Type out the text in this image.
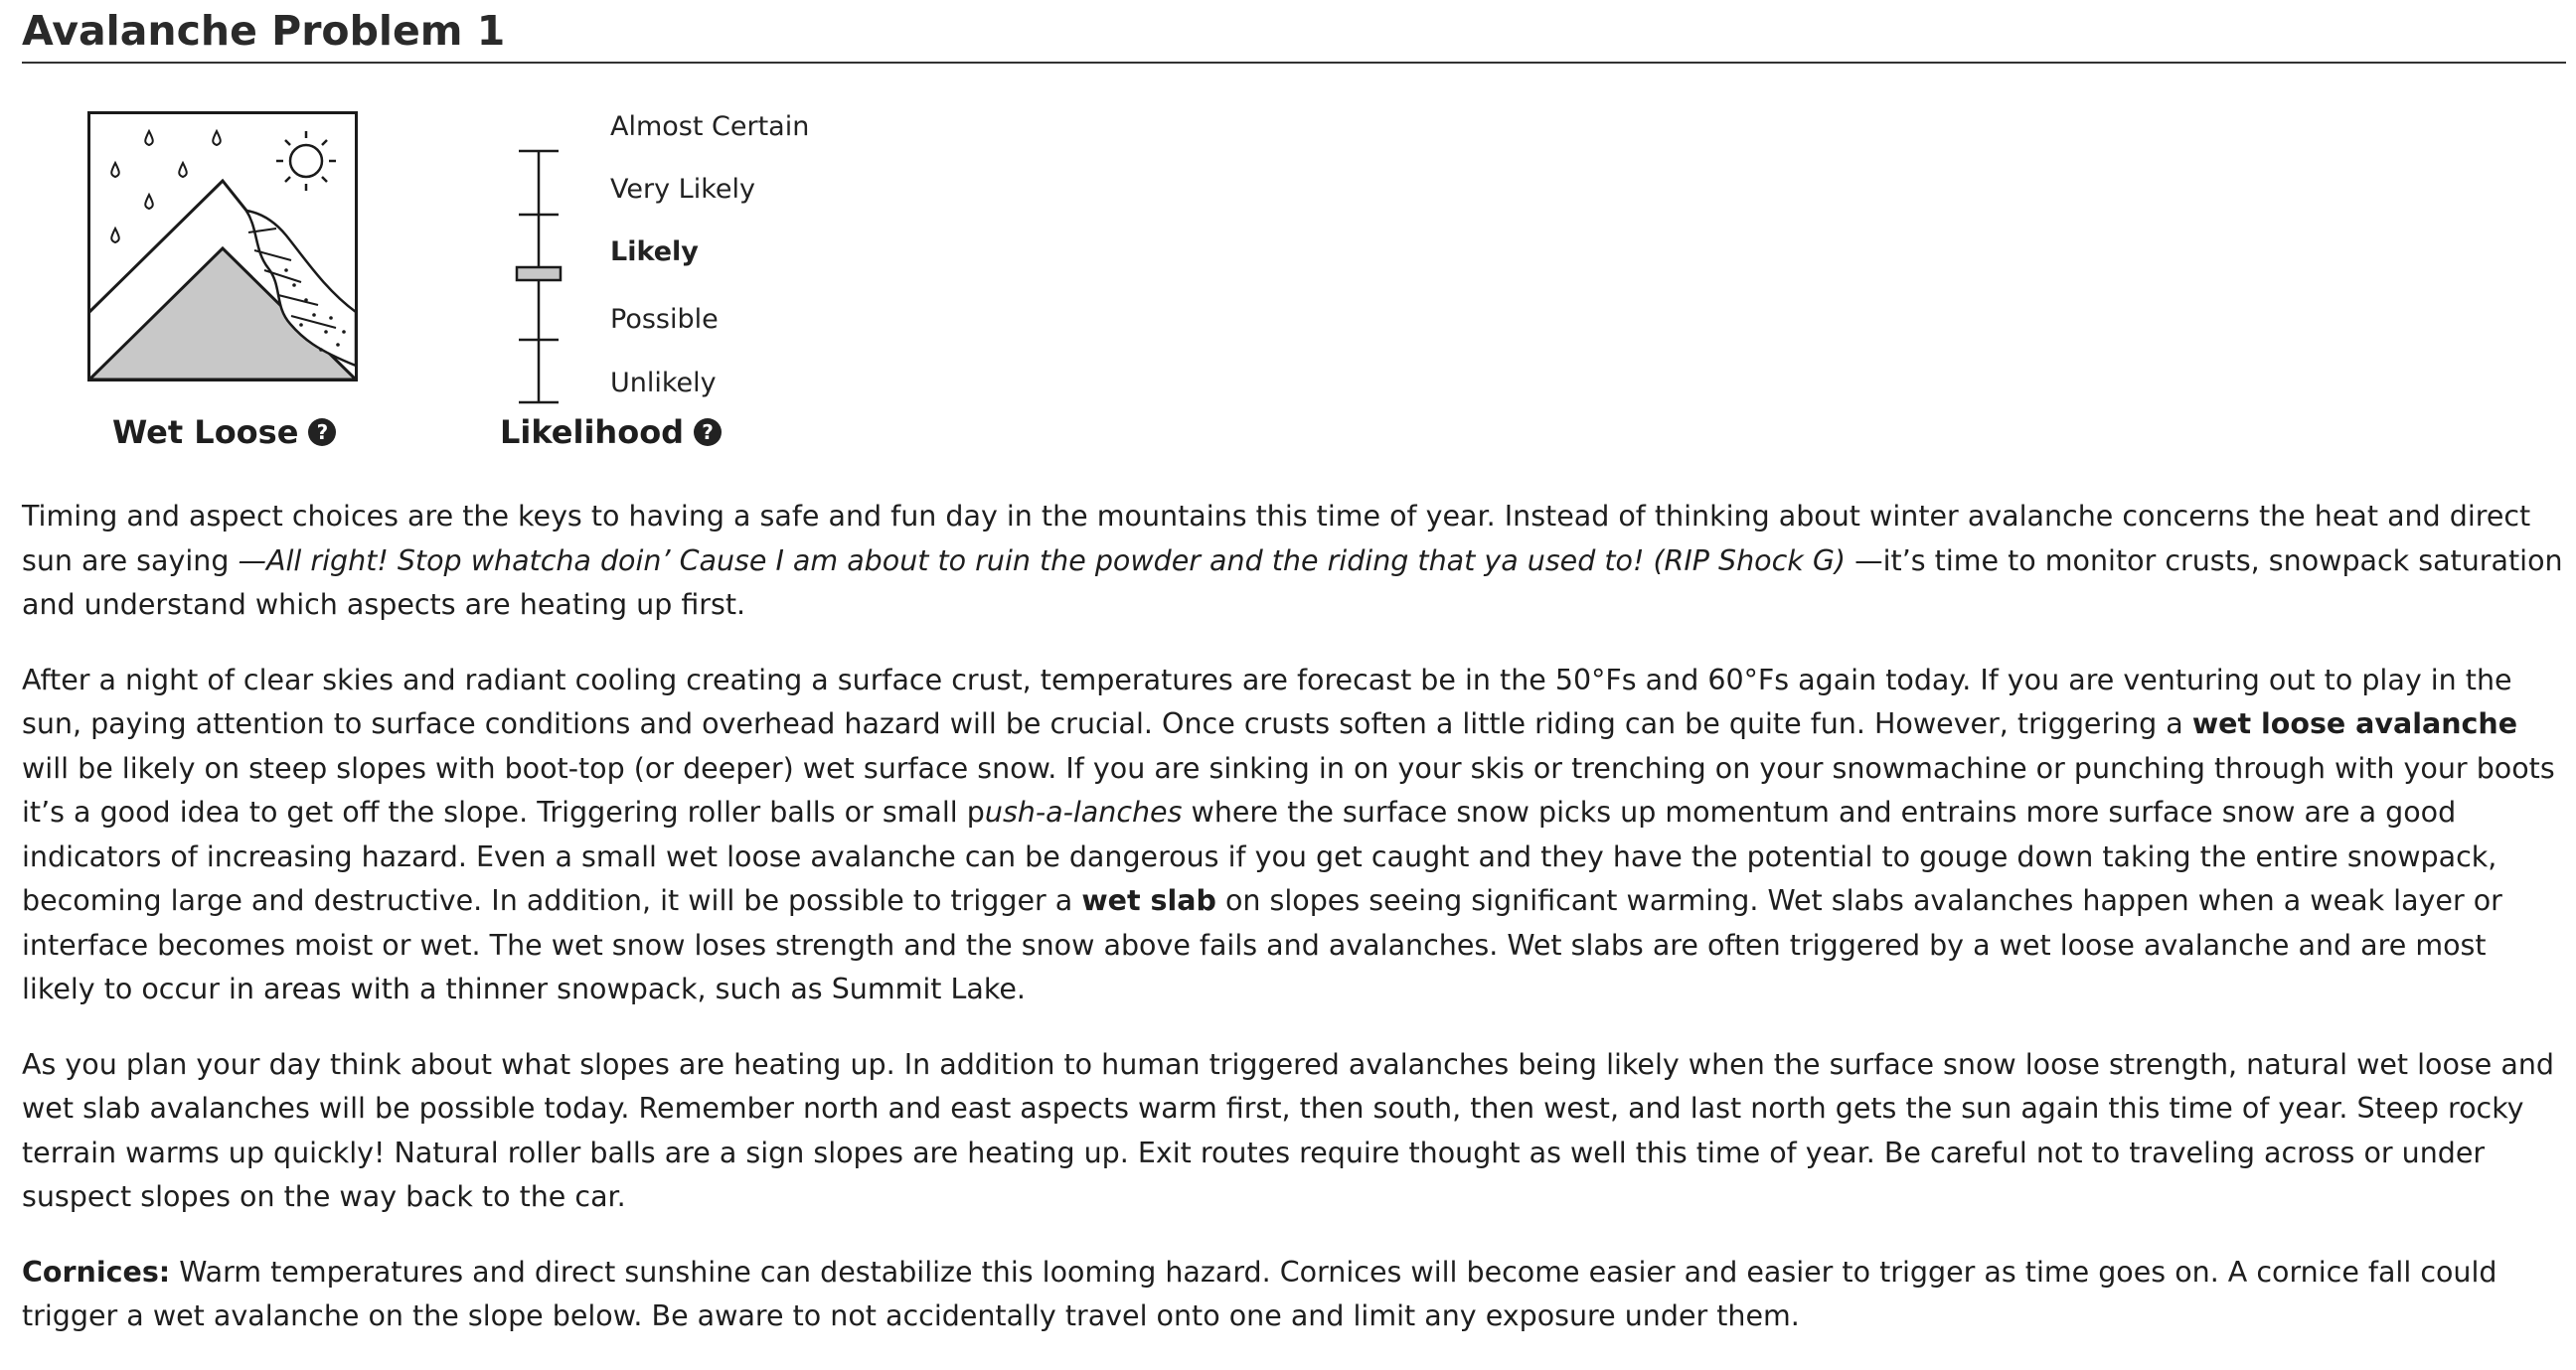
Avalanche Problem 1
Wet Loose ?
Almost Certain
Very Likely
Likely
Possible
Unlikely
Likelihood ?

Timing and aspect choices are the keys to having a safe and fun day in the mountains this time of year. Instead of thinking about winter avalanche concerns the heat and direct sun are saying —All right! Stop whatcha doin’ Cause I am about to ruin the powder and the riding that ya used to! (RIP Shock G) —it’s time to monitor crusts, snowpack saturation and understand which aspects are heating up first.

After a night of clear skies and radiant cooling creating a surface crust, temperatures are forecast be in the 50°Fs and 60°Fs again today. If you are venturing out to play in the sun, paying attention to surface conditions and overhead hazard will be crucial. Once crusts soften a little riding can be quite fun. However, triggering a wet loose avalanche will be likely on steep slopes with boot-top (or deeper) wet surface snow. If you are sinking in on your skis or trenching on your snowmachine or punching through with your boots it’s a good idea to get off the slope. Triggering roller balls or small push-a-lanches where the surface snow picks up momentum and entrains more surface snow are a good indicators of increasing hazard. Even a small wet loose avalanche can be dangerous if you get caught and they have the potential to gouge down taking the entire snowpack, becoming large and destructive. In addition, it will be possible to trigger a wet slab on slopes seeing significant warming. Wet slabs avalanches happen when a weak layer or interface becomes moist or wet. The wet snow loses strength and the snow above fails and avalanches. Wet slabs are often triggered by a wet loose avalanche and are most likely to occur in areas with a thinner snowpack, such as Summit Lake.

As you plan your day think about what slopes are heating up. In addition to human triggered avalanches being likely when the surface snow loose strength, natural wet loose and wet slab avalanches will be possible today. Remember north and east aspects warm first, then south, then west, and last north gets the sun again this time of year. Steep rocky terrain warms up quickly! Natural roller balls are a sign slopes are heating up. Exit routes require thought as well this time of year. Be careful not to traveling across or under suspect slopes on the way back to the car.

Cornices: Warm temperatures and direct sunshine can destabilize this looming hazard. Cornices will become easier and easier to trigger as time goes on. A cornice fall could trigger a wet avalanche on the slope below. Be aware to not accidentally travel onto one and limit any exposure under them.
